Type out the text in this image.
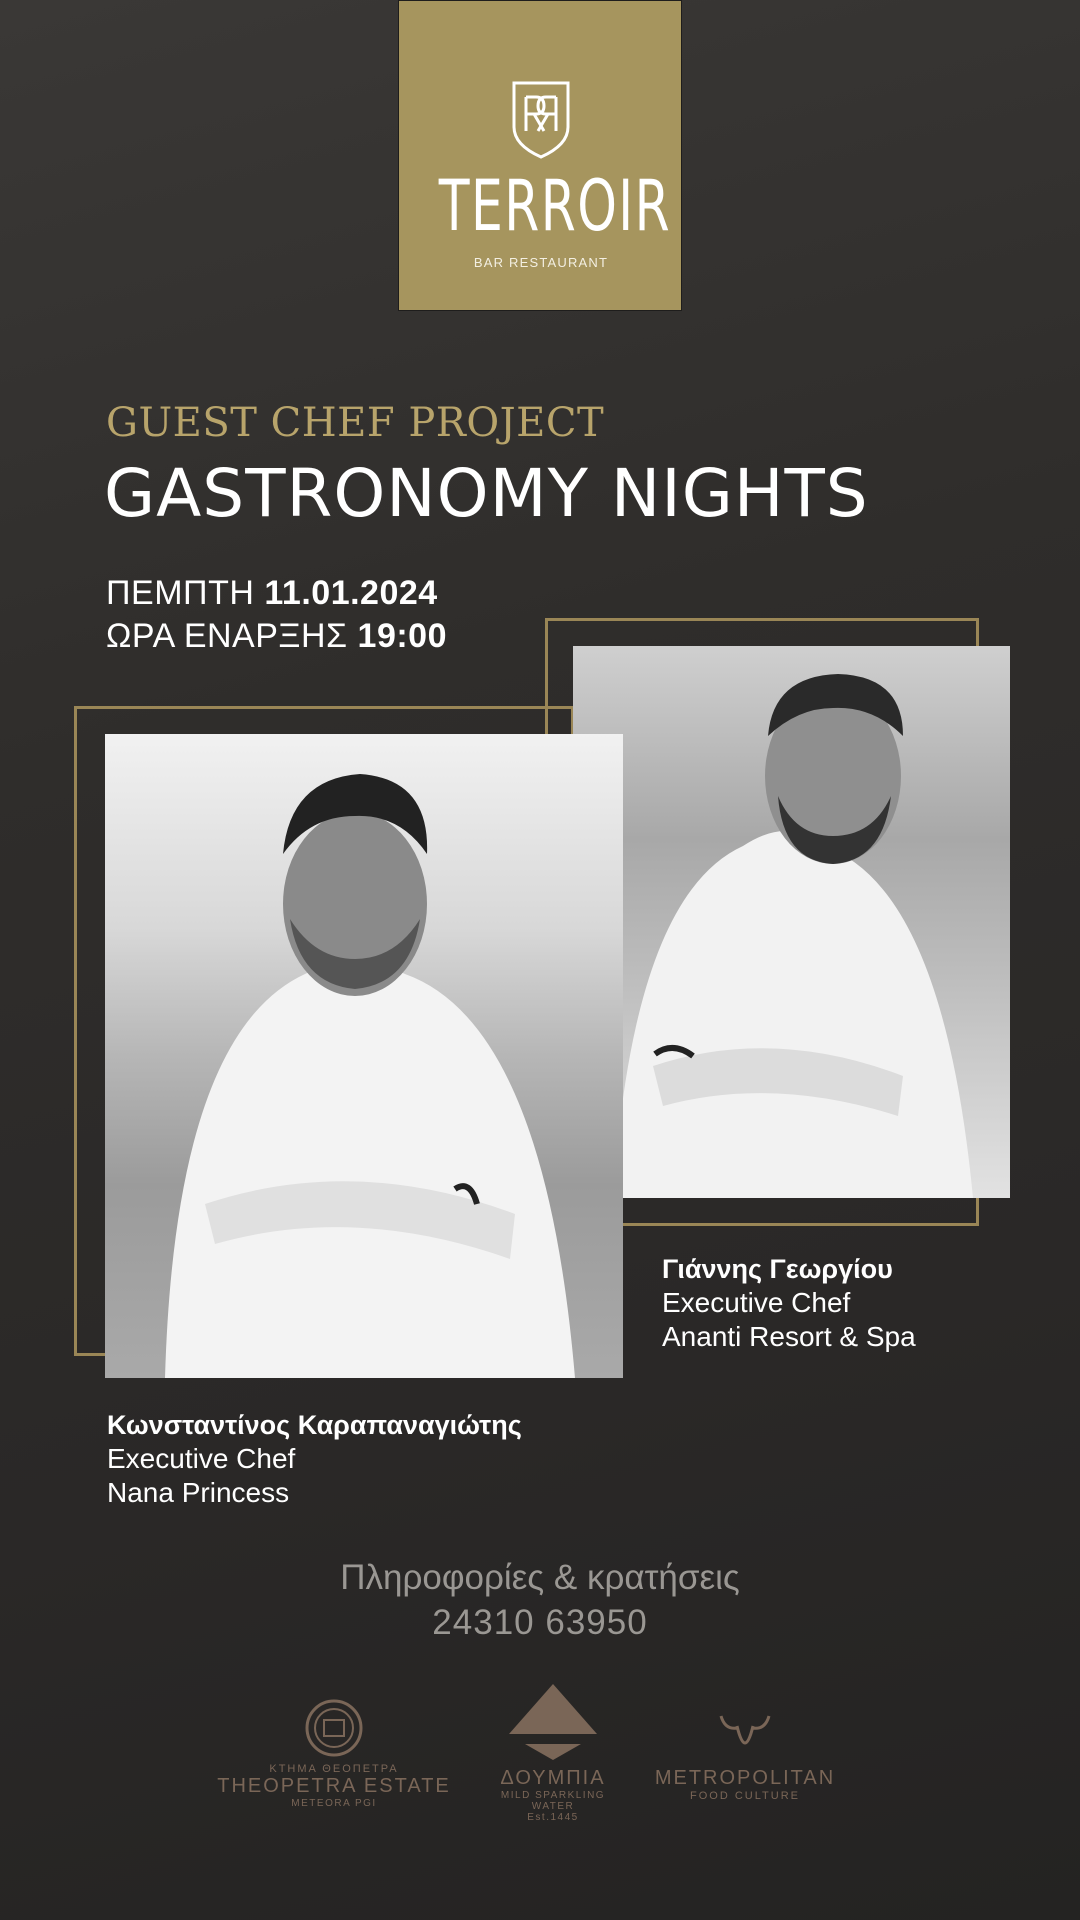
TERROIR
BAR RESTAURANT
GUEST CHEF PROJECT
GASTRONOMY NIGHTS
ΠΕΜΠΤΗ 11.01.2024
ΩΡΑ ΕΝΑΡΞΗΣ 19:00
Γιάννης Γεωργίου
Executive Chef
Ananti Resort & Spa
Κωνσταντίνος Καραπαναγιώτης
Executive Chef
Nana Princess
Πληροφορίες & κρατήσεις
24310 63950
ΚΤΗΜΑ ΘΕΟΠΕΤΡΑ
THEOPETRA ESTATE
METEORA PGI
ΔΟΥΜΠΙΑ
MILD SPARKLING WATER
Est.1445
METROPOLITAN
FOOD CULTURE
